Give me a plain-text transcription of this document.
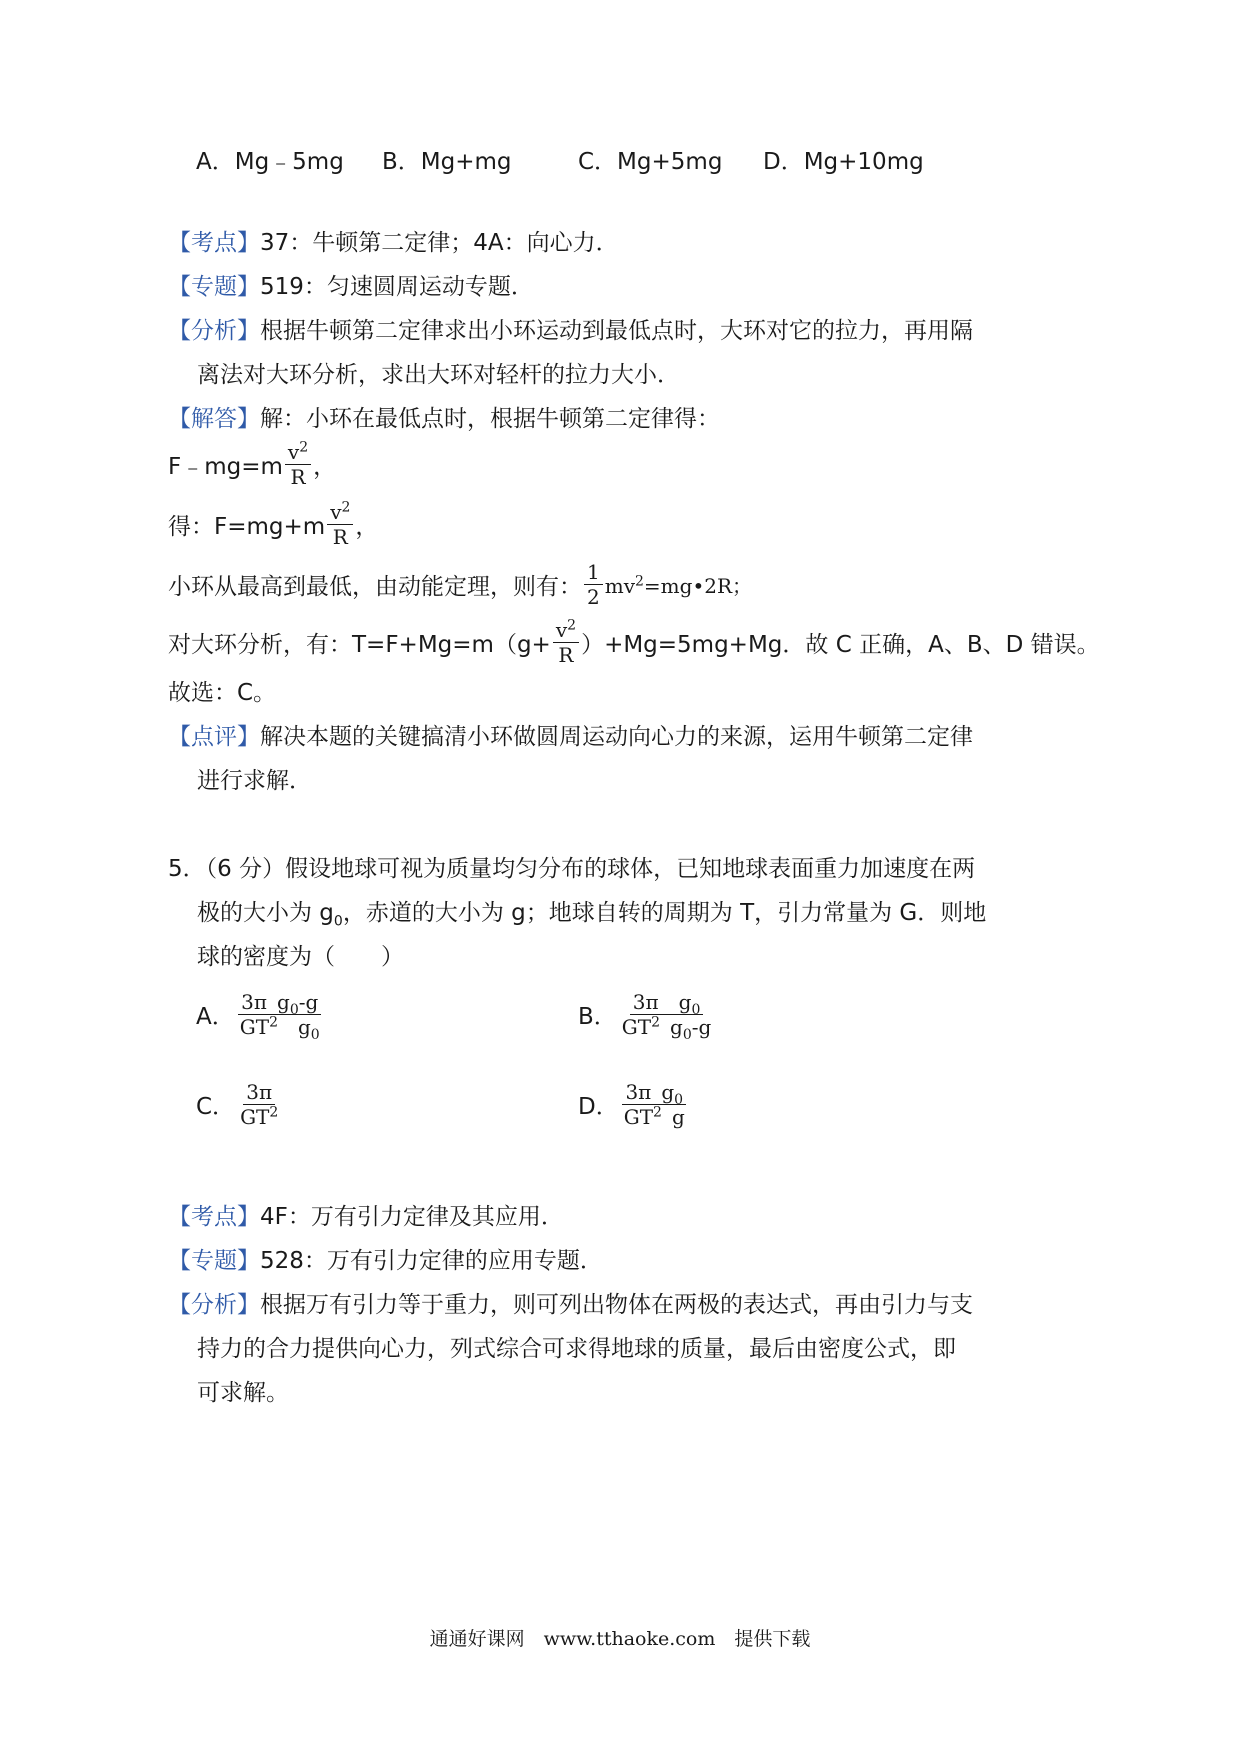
A．Mg﹣5mg B．Mg+mg	C．Mg+5mg D．Mg+10mg
【考点】37：牛顿第二定律；4A：向心力．
【专题】519：匀速圆周运动专题．
【分析】根据牛顿第二定律求出小环运动到最低点时，大环对它的拉力，再用隔
离法对大环分析，求出大环对轻杆的拉力大小．
【解答】解：小环在最低点时，根据牛顿第二定律得：
F﹣mg=m $\frac{v^2}{R}$ ，
得：$F=mg+m \frac{v^2}{R}$ ，
小环从最高到最低，由动能定理，则有： $\frac{1}{2}$ $mv^2=mg•2R$；
对大环分析，有：$T=F+Mg=m(g+ \frac{v^2}{R} )+Mg=5mg+Mg$．故 C 正确，A、B、D 错误。
故选：C。
【点评】解决本题的关键搞清小环做圆周运动向心力的来源，运用牛顿第二定律
进行求解．
5．（6 分）假设地球可视为质量均匀分布的球体，已知地球表面重力加速度在两
极的大小为 $g_0$，赤道的大小为 g；地球自转的周期为 T，引力常量为 G．则地
球的密度为（　　）
A． $\frac{3\pi g_0-g}{GT^2 g_0}$	B． $\frac{3\pi g_0}{GT^2 g_0-g}$
C． $\frac{3\pi}{GT^2}$	D． $\frac{3\pi g_0}{GT^2 g}$
【考点】4F：万有引力定律及其应用．
【专题】528：万有引力定律的应用专题．
【分析】根据万有引力等于重力，则可列出物体在两极的表达式，再由引力与支
持力的合力提供向心力，列式综合可求得地球的质量，最后由密度公式，即
可求解。
通通好课网　www.tthaoke.com　提供下载
